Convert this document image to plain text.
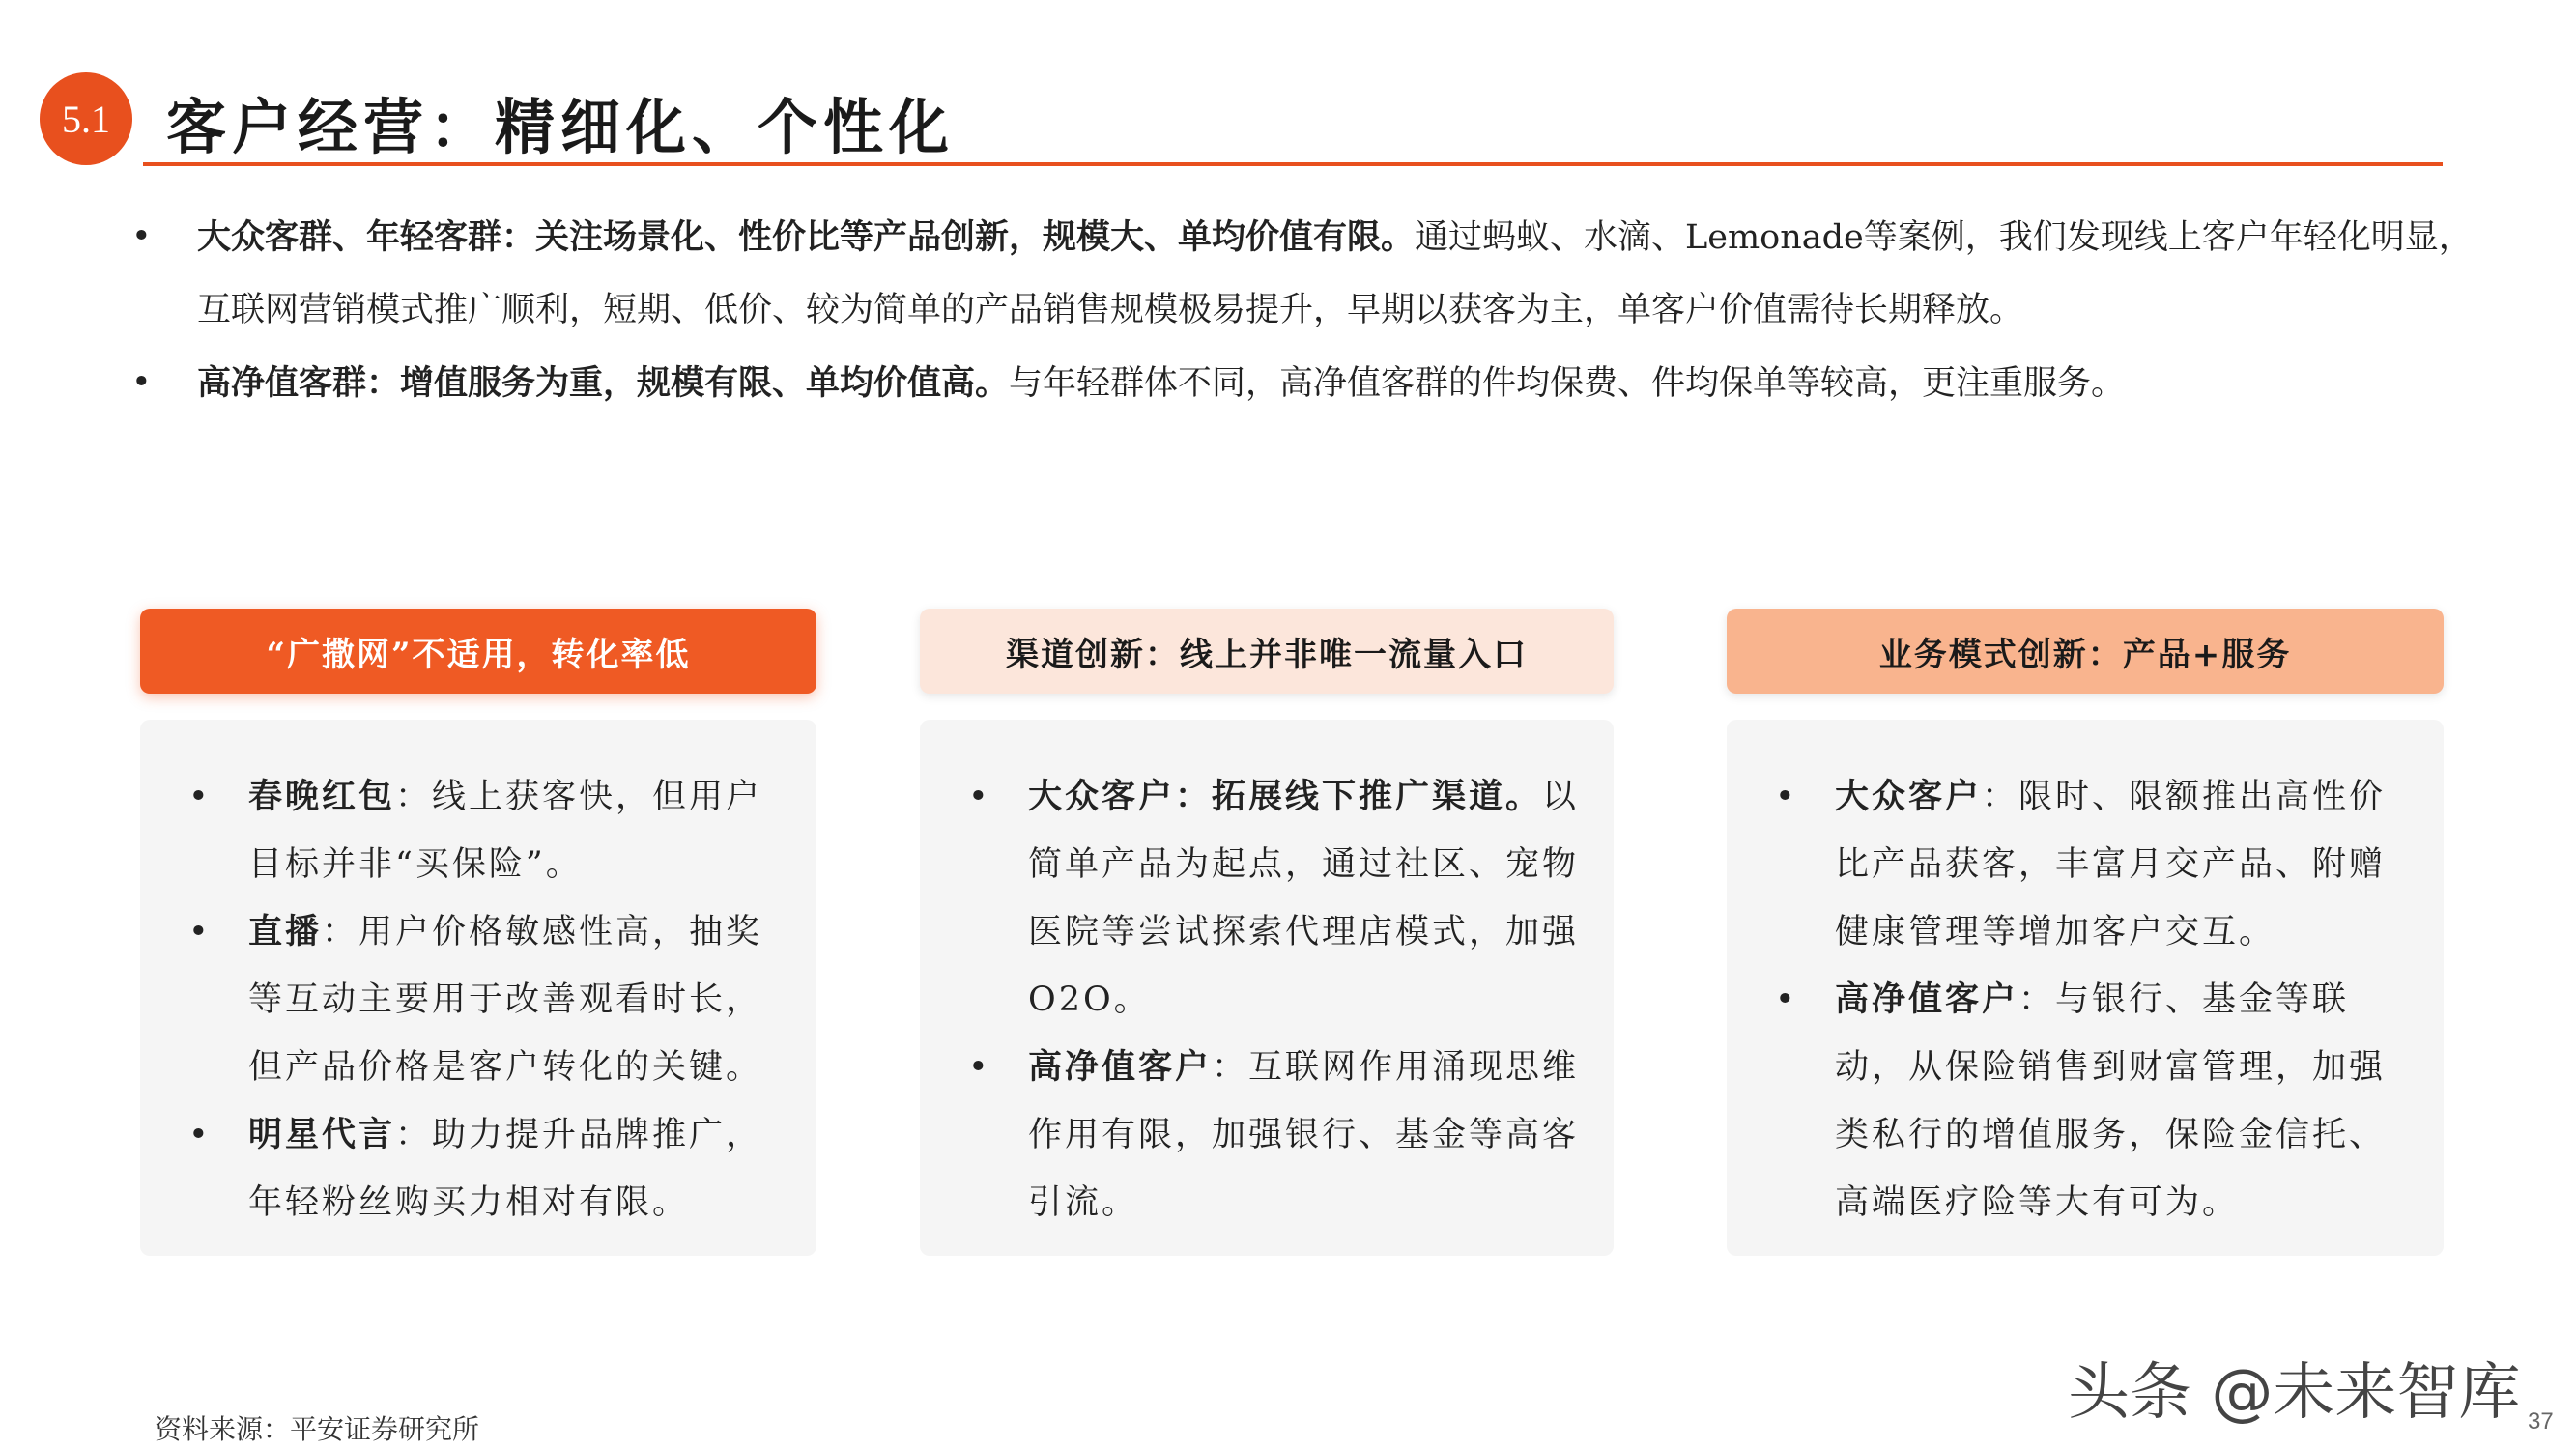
5.1 客户经营：精细化、个性化
• 大众客群、年轻客群：关注场景化、性价比等产品创新，规模大、单均价值有限。通过蚂蚁、水滴、Lemonade等案例，我们发现线上客户年轻化明显，互联网营销模式推广顺利，短期、低价、较为简单的产品销售规模极易提升，早期以获客为主，单客户价值需待长期释放。
• 高净值客群：增值服务为重，规模有限、单均价值高。与年轻群体不同，高净值客群的件均保费、件均保单等较高，更注重服务。
“广撒网”不适用，转化率低	渠道创新：线上并非唯一流量入口	业务模式创新：产品+服务
• 春晚红包：线上获客快，但用户目标并非“买保险”。
• 直播：用户价格敏感性高，抽奖等互动主要用于改善观看时长，但产品价格是客户转化的关键。
• 明星代言：助力提升品牌推广，年轻粉丝购买力相对有限。
• 大众客户：拓展线下推广渠道。以简单产品为起点，通过社区、宠物医院等尝试探索代理店模式，加强O2O。
• 高净值客户：互联网作用涌现思维作用有限，加强银行、基金等高客引流。
• 大众客户：限时、限额推出高性价比产品获客，丰富月交产品、附赠健康管理等增加客户交互。
• 高净值客户：与银行、基金等联动，从保险销售到财富管理，加强类私行的增值服务，保险金信托、高端医疗险等大有可为。
资料来源：平安证券研究所
头条 @未来智库 37
